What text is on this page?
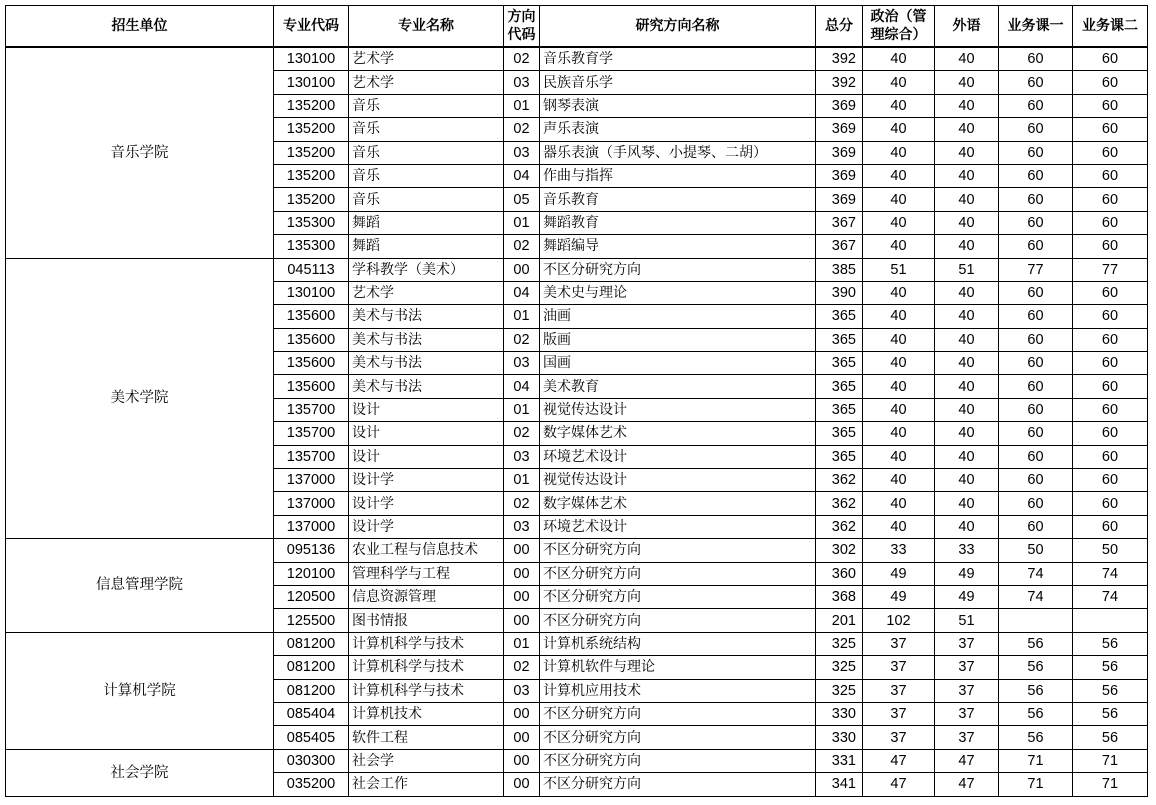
招生单位	专业代码	专业名称	方向代码	研究方向名称	总分	政治（管理综合）	外语	业务课一	业务课二
音乐学院	130100	艺术学	02	音乐教育学	392	40	40	60	60
	130100	艺术学	03	民族音乐学	392	40	40	60	60
	135200	音乐	01	钢琴表演	369	40	40	60	60
	135200	音乐	02	声乐表演	369	40	40	60	60
	135200	音乐	03	器乐表演（手风琴、小提琴、二胡）	369	40	40	60	60
	135200	音乐	04	作曲与指挥	369	40	40	60	60
	135200	音乐	05	音乐教育	369	40	40	60	60
	135300	舞蹈	01	舞蹈教育	367	40	40	60	60
	135300	舞蹈	02	舞蹈编导	367	40	40	60	60
美术学院	045113	学科教学（美术）	00	不区分研究方向	385	51	51	77	77
	130100	艺术学	04	美术史与理论	390	40	40	60	60
	135600	美术与书法	01	油画	365	40	40	60	60
	135600	美术与书法	02	版画	365	40	40	60	60
	135600	美术与书法	03	国画	365	40	40	60	60
	135600	美术与书法	04	美术教育	365	40	40	60	60
	135700	设计	01	视觉传达设计	365	40	40	60	60
	135700	设计	02	数字媒体艺术	365	40	40	60	60
	135700	设计	03	环境艺术设计	365	40	40	60	60
	137000	设计学	01	视觉传达设计	362	40	40	60	60
	137000	设计学	02	数字媒体艺术	362	40	40	60	60
	137000	设计学	03	环境艺术设计	362	40	40	60	60
信息管理学院	095136	农业工程与信息技术	00	不区分研究方向	302	33	33	50	50
	120100	管理科学与工程	00	不区分研究方向	360	49	49	74	74
	120500	信息资源管理	00	不区分研究方向	368	49	49	74	74
	125500	图书情报	00	不区分研究方向	201	102	51		
计算机学院	081200	计算机科学与技术	01	计算机系统结构	325	37	37	56	56
	081200	计算机科学与技术	02	计算机软件与理论	325	37	37	56	56
	081200	计算机科学与技术	03	计算机应用技术	325	37	37	56	56
	085404	计算机技术	00	不区分研究方向	330	37	37	56	56
	085405	软件工程	00	不区分研究方向	330	37	37	56	56
社会学院	030300	社会学	00	不区分研究方向	331	47	47	71	71
	035200	社会工作	00	不区分研究方向	341	47	47	71	71
